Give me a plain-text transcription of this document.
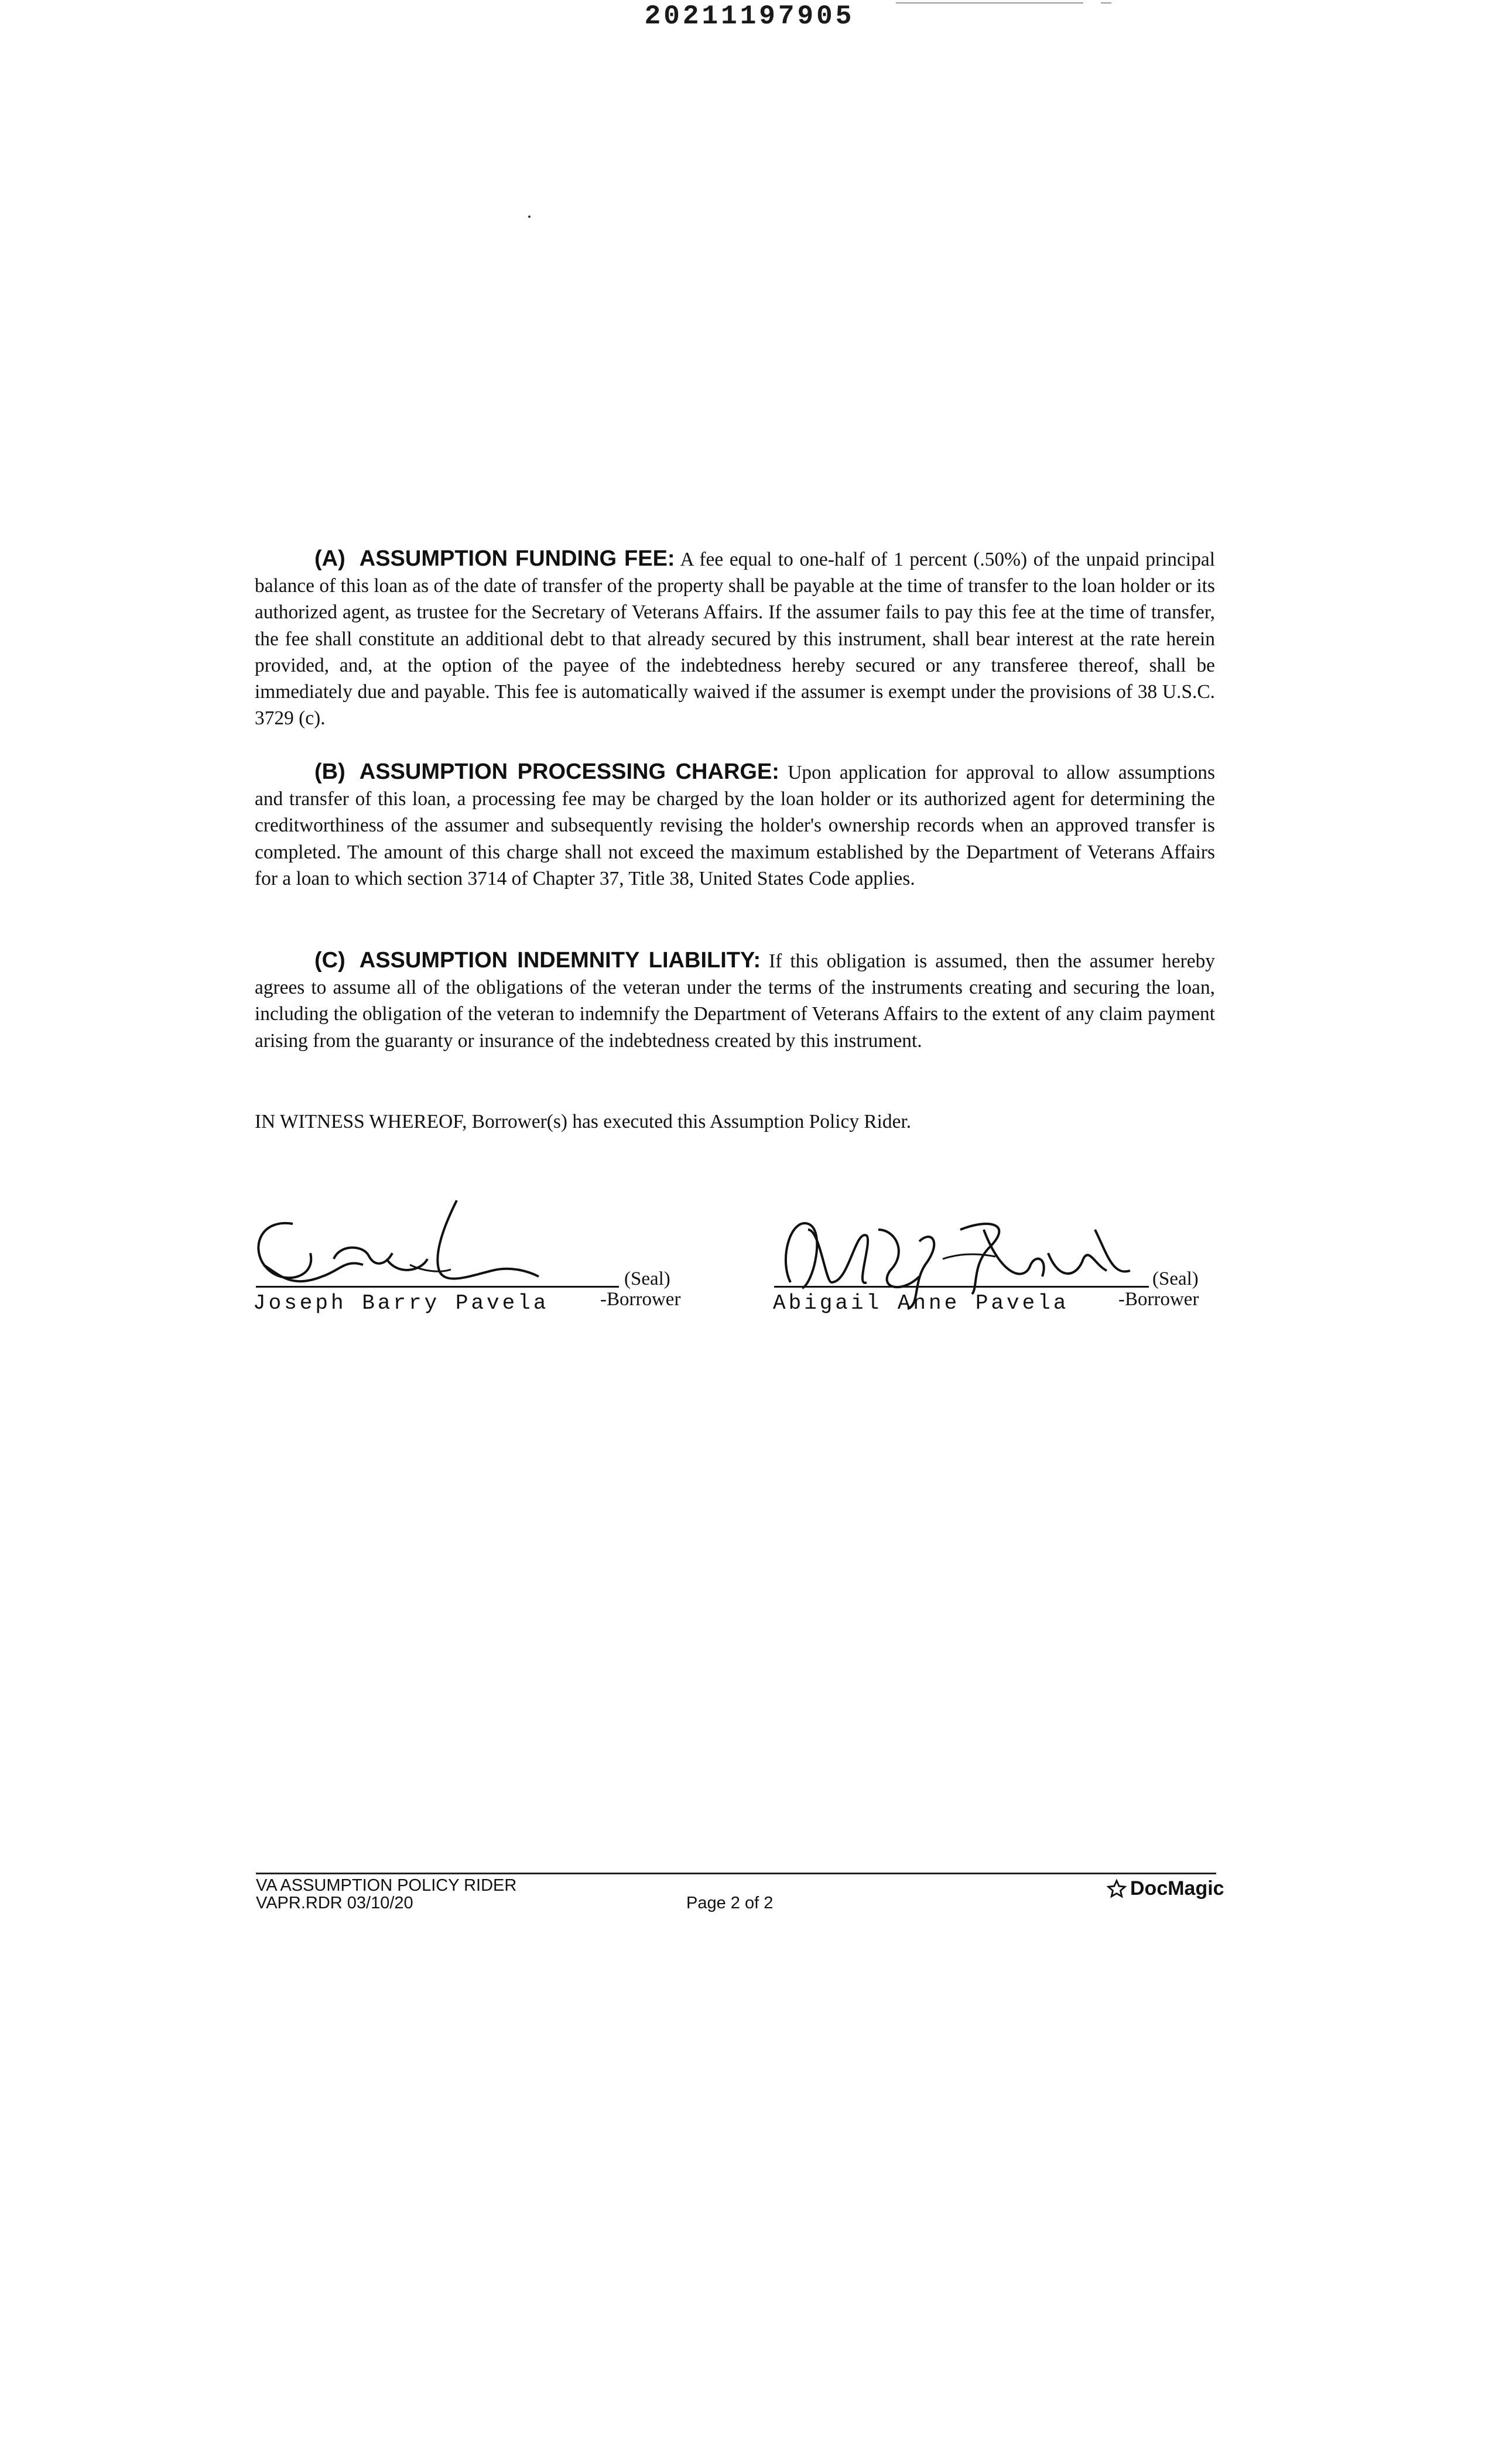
20211197905
(A) ASSUMPTION FUNDING FEE: A fee equal to one-half of 1 percent (.50%) of the unpaid principal balance of this loan as of the date of transfer of the property shall be payable at the time of transfer to the loan holder or its authorized agent, as trustee for the Secretary of Veterans Affairs. If the assumer fails to pay this fee at the time of transfer, the fee shall constitute an additional debt to that already secured by this instrument, shall bear interest at the rate herein provided, and, at the option of the payee of the indebtedness hereby secured or any transferee thereof, shall be immediately due and payable. This fee is automatically waived if the assumer is exempt under the provisions of 38 U.S.C. 3729 (c).
(B) ASSUMPTION PROCESSING CHARGE: Upon application for approval to allow assumptions and transfer of this loan, a processing fee may be charged by the loan holder or its authorized agent for determining the creditworthiness of the assumer and subsequently revising the holder's ownership records when an approved transfer is completed. The amount of this charge shall not exceed the maximum established by the Department of Veterans Affairs for a loan to which section 3714 of Chapter 37, Title 38, United States Code applies.
(C) ASSUMPTION INDEMNITY LIABILITY: If this obligation is assumed, then the assumer hereby agrees to assume all of the obligations of the veteran under the terms of the instruments creating and securing the loan, including the obligation of the veteran to indemnify the Department of Veterans Affairs to the extent of any claim payment arising from the guaranty or insurance of the indebtedness created by this instrument.
IN WITNESS WHEREOF, Borrower(s) has executed this Assumption Policy Rider.
(Seal)
Joseph Barry Pavela	-Borrower
(Seal)
Abigail Anne Pavela	-Borrower
VA ASSUMPTION POLICY RIDER
VAPR.RDR 03/10/20	Page 2 of 2
DocMagic
